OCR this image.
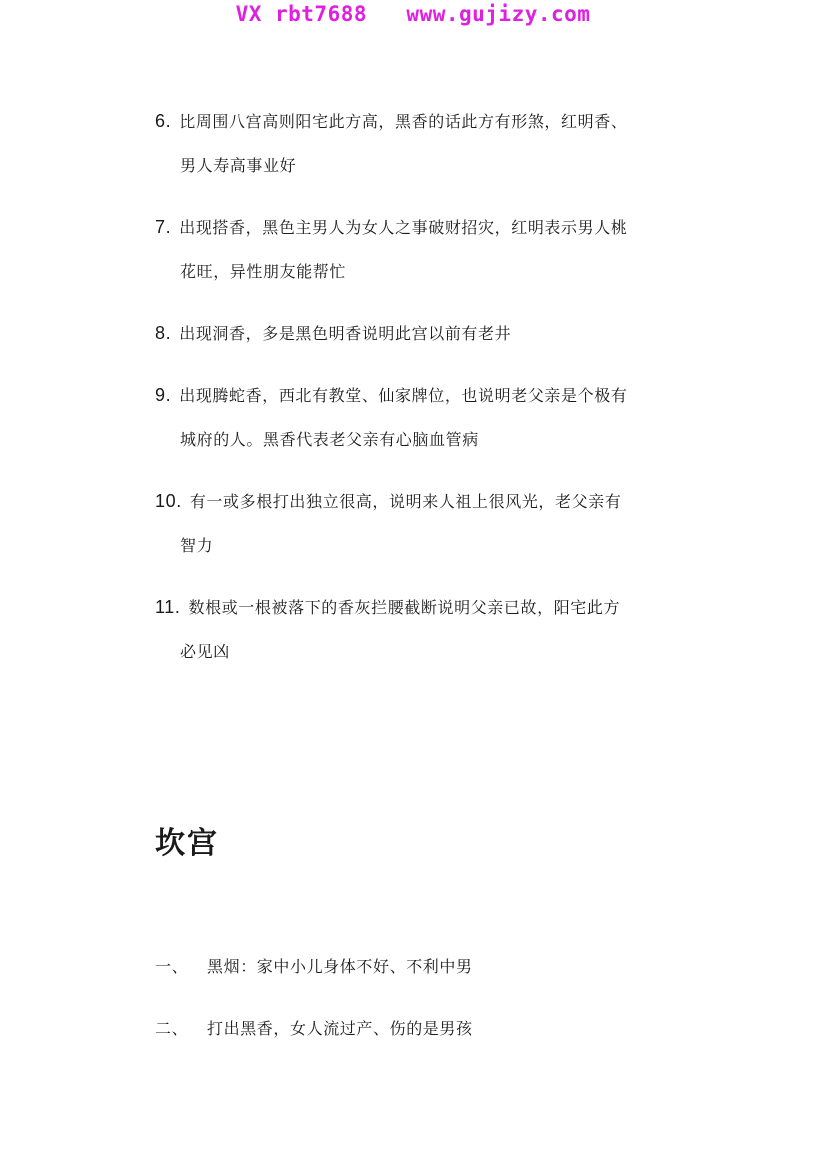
VX rbt7688   www.gujizy.com
6. 比周围八宫高则阳宅此方高，黑香的话此方有形煞，红明香、
男人寿高事业好
7. 出现搭香，黑色主男人为女人之事破财招灾，红明表示男人桃
花旺，异性朋友能帮忙
8. 出现洞香，多是黑色明香说明此宫以前有老井
9. 出现腾蛇香，西北有教堂、仙家牌位，也说明老父亲是个极有
城府的人。黑香代表老父亲有心脑血管病
10. 有一或多根打出独立很高，说明来人祖上很风光，老父亲有
智力
11. 数根或一根被落下的香灰拦腰截断说明父亲已故，阳宅此方
必见凶
坎宫
一、 黑烟：家中小儿身体不好、不利中男
二、 打出黑香，女人流过产、伤的是男孩
